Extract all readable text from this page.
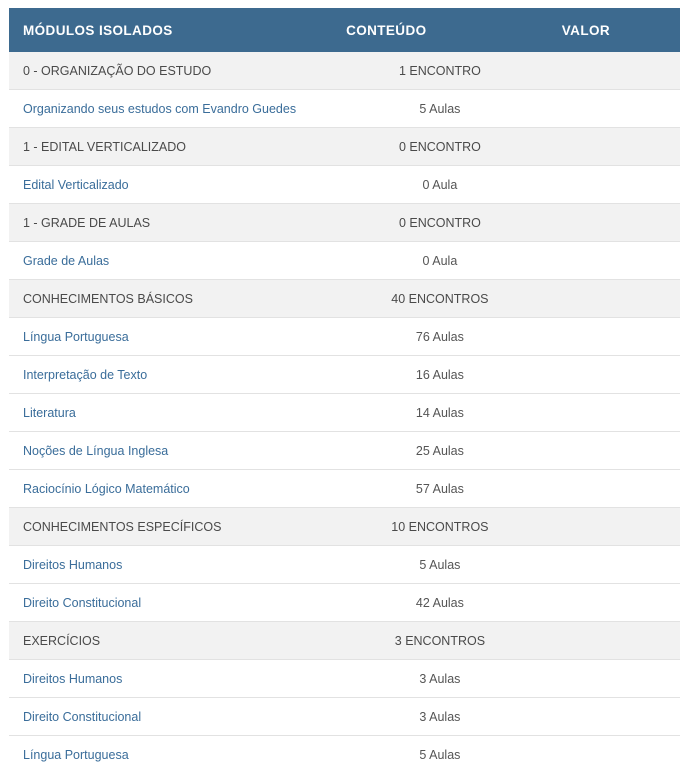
MÓDULOS ISOLADOS	CONTEÚDO	VALOR
0 - ORGANIZAÇÃO DO ESTUDO	1 ENCONTRO	
Organizando seus estudos com Evandro Guedes	5 Aulas	
1 - EDITAL VERTICALIZADO	0 ENCONTRO	
Edital Verticalizado	0 Aula	
1 - GRADE DE AULAS	0 ENCONTRO	
Grade de Aulas	0 Aula	
CONHECIMENTOS BÁSICOS	40 ENCONTROS	
Língua Portuguesa	76 Aulas	
Interpretação de Texto	16 Aulas	
Literatura	14 Aulas	
Noções de Língua Inglesa	25 Aulas	
Raciocínio Lógico Matemático	57 Aulas	
CONHECIMENTOS ESPECÍFICOS	10 ENCONTROS	
Direitos Humanos	5 Aulas	
Direito Constitucional	42 Aulas	
EXERCÍCIOS	3 ENCONTROS	
Direitos Humanos	3 Aulas	
Direito Constitucional	3 Aulas	
Língua Portuguesa	5 Aulas	
